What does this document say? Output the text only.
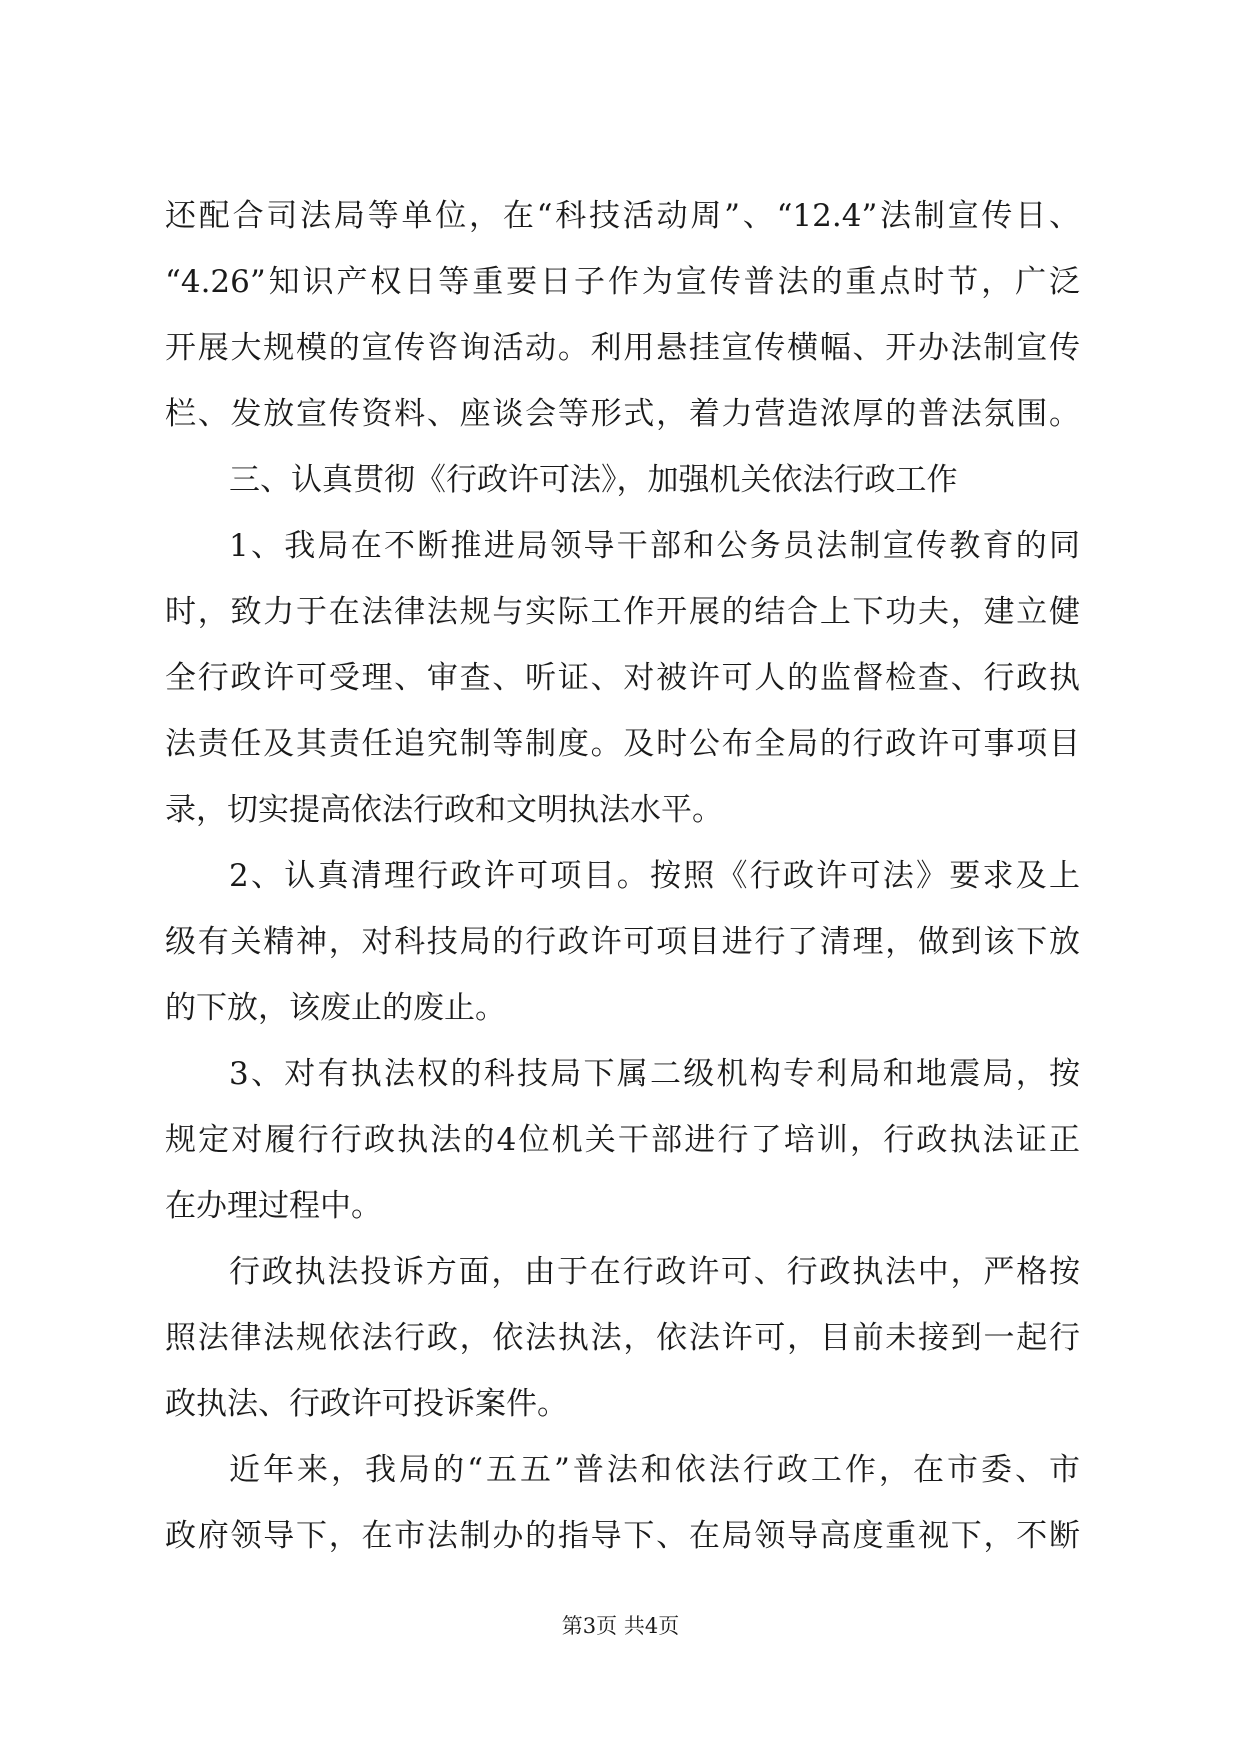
还配合司法局等单位，在“科技活动周”、“12.4”法制宣传日、
“4.26”知识产权日等重要日子作为宣传普法的重点时节，广泛
开展大规模的宣传咨询活动。利用悬挂宣传横幅、开办法制宣传
栏、发放宣传资料、座谈会等形式，着力营造浓厚的普法氛围。
三、认真贯彻《行政许可法》，加强机关依法行政工作
1、我局在不断推进局领导干部和公务员法制宣传教育的同
时，致力于在法律法规与实际工作开展的结合上下功夫，建立健
全行政许可受理、审查、听证、对被许可人的监督检查、行政执
法责任及其责任追究制等制度。及时公布全局的行政许可事项目
录，切实提高依法行政和文明执法水平。
2、认真清理行政许可项目。按照《行政许可法》要求及上
级有关精神，对科技局的行政许可项目进行了清理，做到该下放
的下放，该废止的废止。
3、对有执法权的科技局下属二级机构专利局和地震局，按
规定对履行行政执法的4位机关干部进行了培训，行政执法证正
在办理过程中。
行政执法投诉方面，由于在行政许可、行政执法中，严格按
照法律法规依法行政，依法执法，依法许可，目前未接到一起行
政执法、行政许可投诉案件。
近年来，我局的“五五”普法和依法行政工作，在市委、市
政府领导下，在市法制办的指导下、在局领导高度重视下，不断
第3页 共4页
